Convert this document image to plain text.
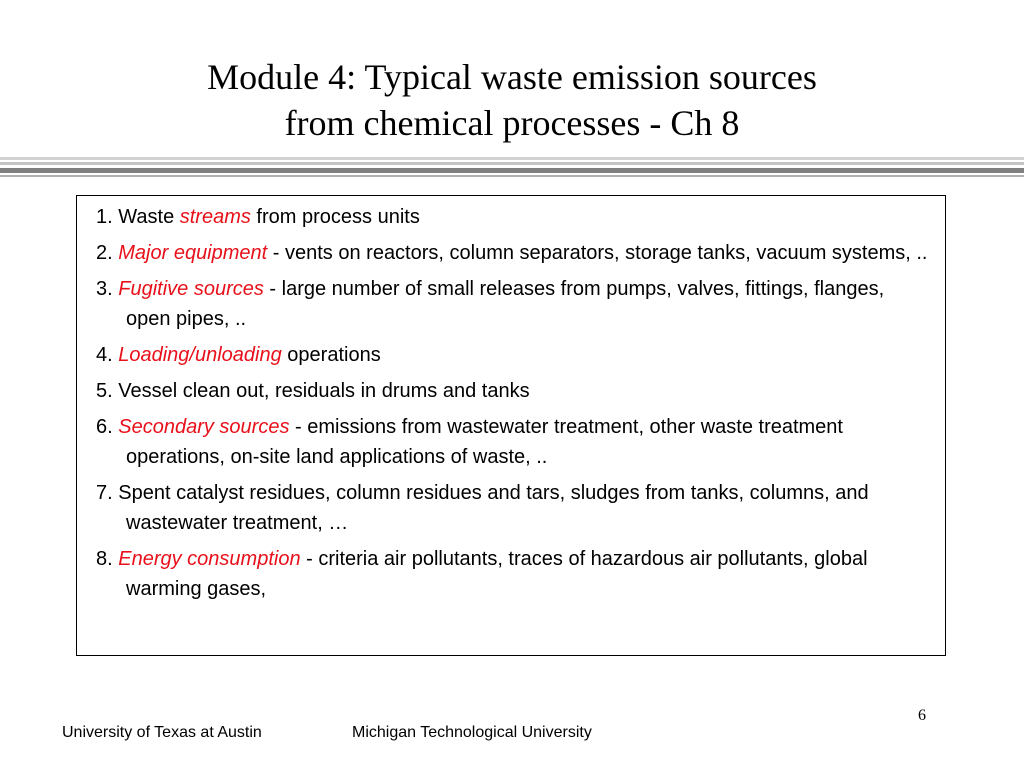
Module 4: Typical waste emission sources
from chemical processes - Ch 8
1. Waste streams from process units
2. Major equipment - vents on reactors, column separators, storage tanks, vacuum systems, ..
3. Fugitive sources - large number of small releases from pumps, valves, fittings, flanges, open pipes, ..
4. Loading/unloading operations
5. Vessel clean out, residuals in drums and tanks
6. Secondary sources - emissions from wastewater treatment, other waste treatment operations, on-site land applications of waste, ..
7. Spent catalyst residues, column residues and tars, sludges from tanks, columns, and wastewater treatment, …
8. Energy consumption - criteria air pollutants, traces of hazardous air pollutants, global warming gases,
University of Texas at Austin	Michigan Technological University
6
